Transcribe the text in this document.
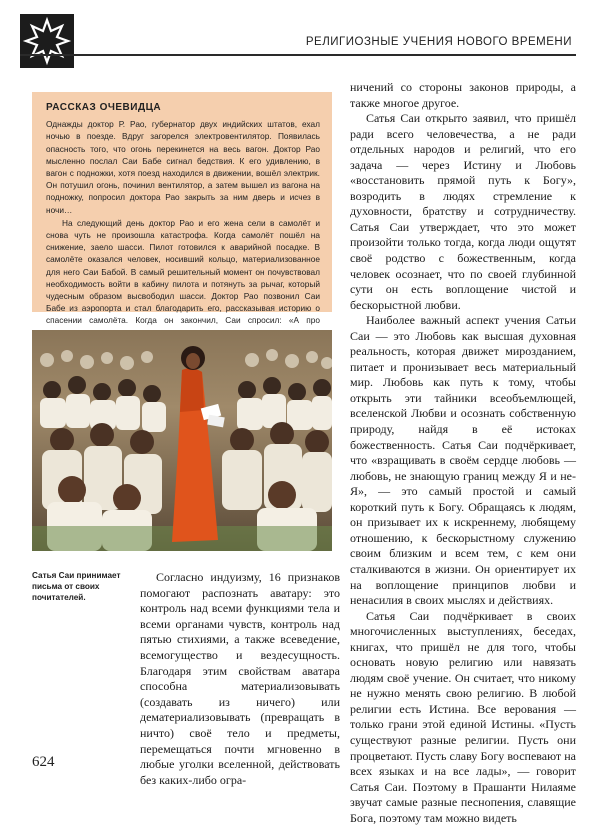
РЕЛИГИОЗНЫЕ УЧЕНИЯ НОВОГО ВРЕМЕНИ
РАССКАЗ ОЧЕВИДЦА

Однажды доктор Р. Рао, губернатор двух индийских штатов, ехал ночью в поезде. Вдруг загорелся электровентилятор. Появилась опасность того, что огонь перекинется на весь вагон. Доктор Рао мысленно послал Саи Бабе сигнал бедствия. К его удивлению, в вагон с подножки, хотя поезд находился в движении, вошёл электрик. Он потушил огонь, починил вентилятор, а затем вышел из вагона на подножку, попросил доктора Рао закрыть за ним дверь и исчез в ночи…

На следующий день доктор Рао и его жена сели в самолёт и снова чуть не произошла катастрофа. Когда самолёт пошёл на снижение, заело шасси. Пилот готовился к аварийной посадке. В самолёте оказался человек, носивший кольцо, материализованное для него Саи Бабой. В самый решительный момент он почувствовал необходимость войти в кабину пилота и потянуть за рычаг, который чудесным образом высвободил шасси. Доктор Рао позвонил Саи Бабе из аэропорта и стал благодарить его, рассказывая историю о спасении самолёта. Когда он закончил, Саи спросил: «А про

Сатья Саи принимает письма от своих почитателей.

Согласно индуизму, 16 признаков помогают распознать аватару: это контроль над всеми функциями тела и всеми органами чувств, контроль над пятью стихиями, а также всеведение, всемогущество и вездесущность. Благодаря этим свойствам аватара способна материализовывать (создавать из ничего) или дематериализовывать (превращать в ничто) своё тело и предметы, перемещаться почти мгновенно в любые уголки вселенной, действовать без каких-либо огра-

ничений со стороны законов природы, а также многое другое.

Сатья Саи открыто заявил, что пришёл ради всего человечества, а не ради отдельных народов и религий, что его задача — через Истину и Любовь «восстановить прямой путь к Богу», возродить в людях стремление к духовности, братству и сотрудничеству. Сатья Саи утверждает, что это может произойти только тогда, когда люди ощутят своё родство с божественным, когда человек осознает, что по своей глубинной сути он есть воплощение чистой и бескорыстной любви.

Наиболее важный аспект учения Сатьи Саи — это Любовь как высшая духовная реальность, которая движет мирозданием, питает и пронизывает весь материальный мир. Любовь как путь к тому, чтобы открыть эти тайники всеобъемлющей, вселенской Любви и осознать собственную природу, найдя в её истоках божественность. Сатья Саи подчёркивает, что «взращивать в своём сердце любовь — любовь, не знающую границ между Я и не-Я», — это самый простой и самый короткий путь к Богу. Обращаясь к людям, он призывает их к искреннему, любящему отношению, к бескорыстному служению своим близким и всем тем, с кем они сталкиваются в жизни. Он ориентирует их на воплощение принципов любви и ненасилия в своих мыслях и действиях.

Сатья Саи подчёркивает в своих многочисленных выступлениях, беседах, книгах, что пришёл не для того, чтобы основать новую религию или навязать людям своё учение. Он считает, что никому не нужно менять свою религию. В любой религии есть Истина. Все верования — только грани этой единой Истины. «Пусть существуют разные религии. Пусть они процветают. Пусть славу Богу воспевают на всех языках и на все лады», — говорит Сатья Саи. Поэтому в Прашанти Нилаяме звучат самые разные песнопения, славящие Бога, поэтому там можно видеть

624
